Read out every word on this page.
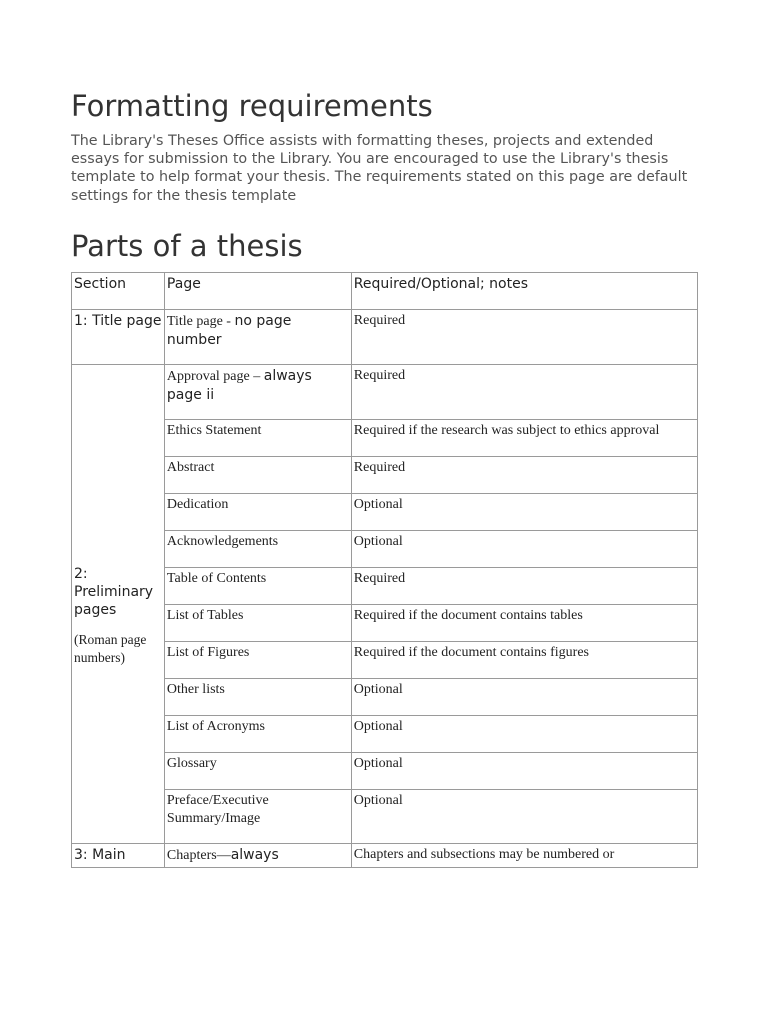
Formatting requirements

The Library's Theses Office assists with formatting theses, projects and extended essays for submission to the Library. You are encouraged to use the Library's thesis template to help format your thesis. The requirements stated on this page are default settings for the thesis template

Parts of a thesis
Section	Page	Required/Optional; notes
1: Title page	Title page - no page number	Required

2: Preliminary pages
(Roman page numbers)	Approval page – always page ii	Required
	Ethics Statement	Required if the research was subject to ethics approval
	Abstract	Required
	Dedication	Optional
	Acknowledgements	Optional
	Table of Contents	Required
	List of Tables	Required if the document contains tables
	List of Figures	Required if the document contains figures
	Other lists	Optional
	List of Acronyms	Optional
	Glossary	Optional
	Preface/Executive Summary/Image	Optional
3: Main	Chapters—always	Chapters and subsections may be numbered or
